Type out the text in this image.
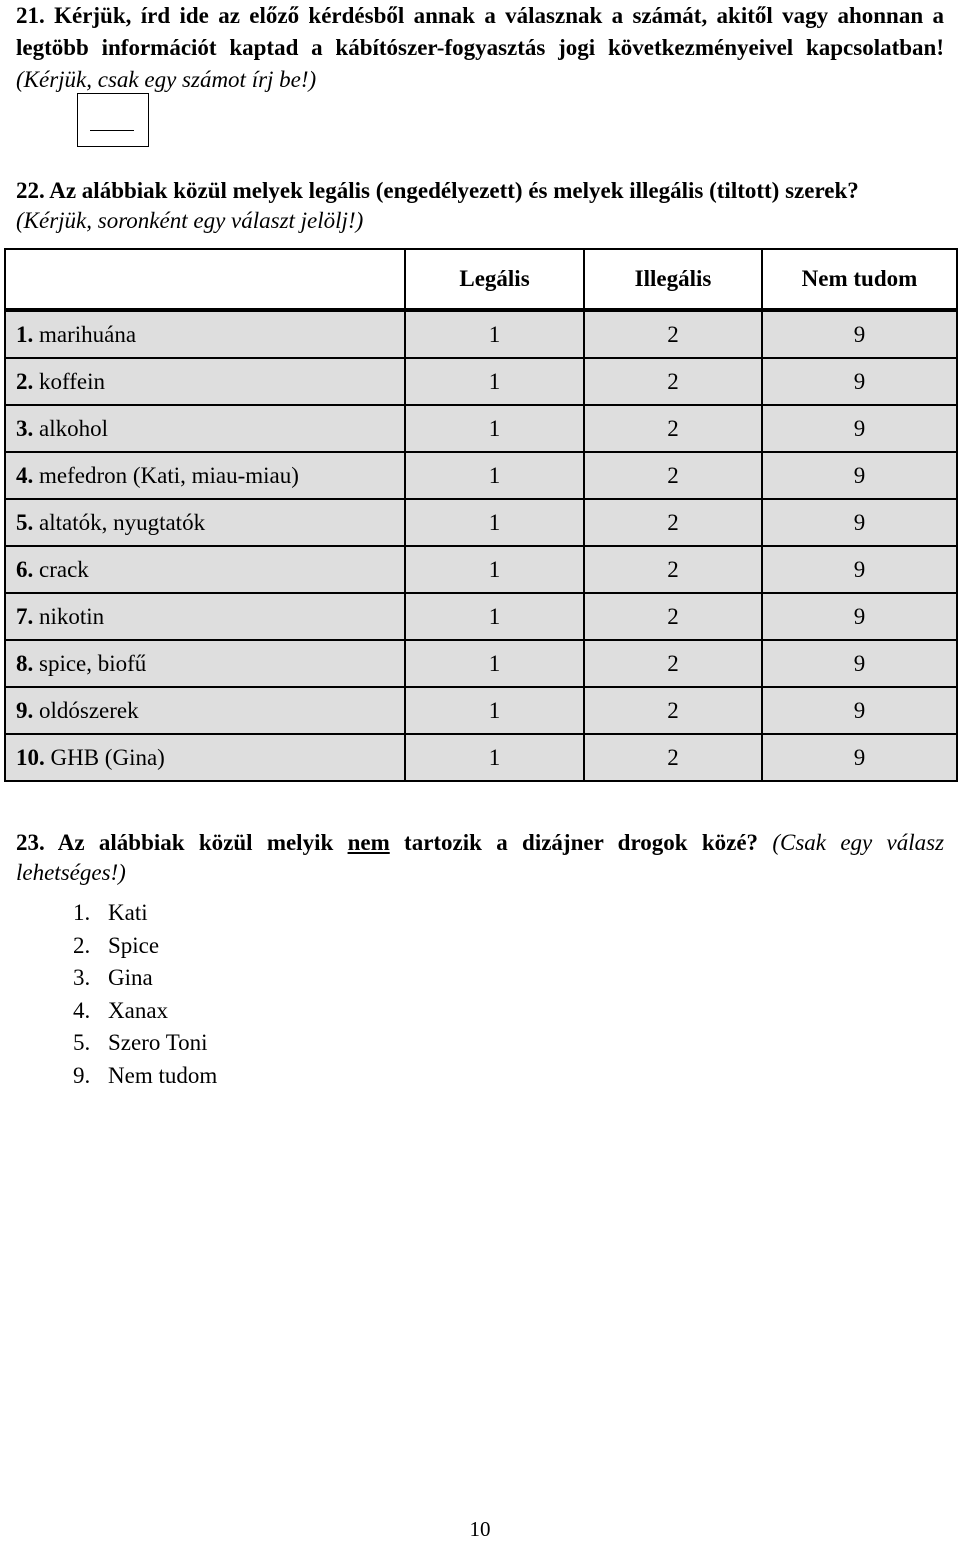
21. Kérjük, írd ide az előző kérdésből annak a válasznak a számát, akitől vagy ahonnan a legtöbb információt kaptad a kábítószer-fogyasztás jogi következményeivel kapcsolatban! (Kérjük, csak egy számot írj be!)
22. Az alábbiak közül melyek legális (engedélyezett) és melyek illegális (tiltott) szerek?
(Kérjük, soronként egy választ jelölj!)
	Legális	Illegális	Nem tudom
1. marihuána	1	2	9
2. koffein	1	2	9
3. alkohol	1	2	9
4. mefedron (Kati, miau-miau)	1	2	9
5. altatók, nyugtatók	1	2	9
6. crack	1	2	9
7. nikotin	1	2	9
8. spice, biofű	1	2	9
9. oldószerek	1	2	9
10. GHB (Gina)	1	2	9
23. Az alábbiak közül melyik nem tartozik a dizájner drogok közé? (Csak egy válasz lehetséges!)
1. Kati
2. Spice
3. Gina
4. Xanax
5. Szero Toni
9. Nem tudom
10
